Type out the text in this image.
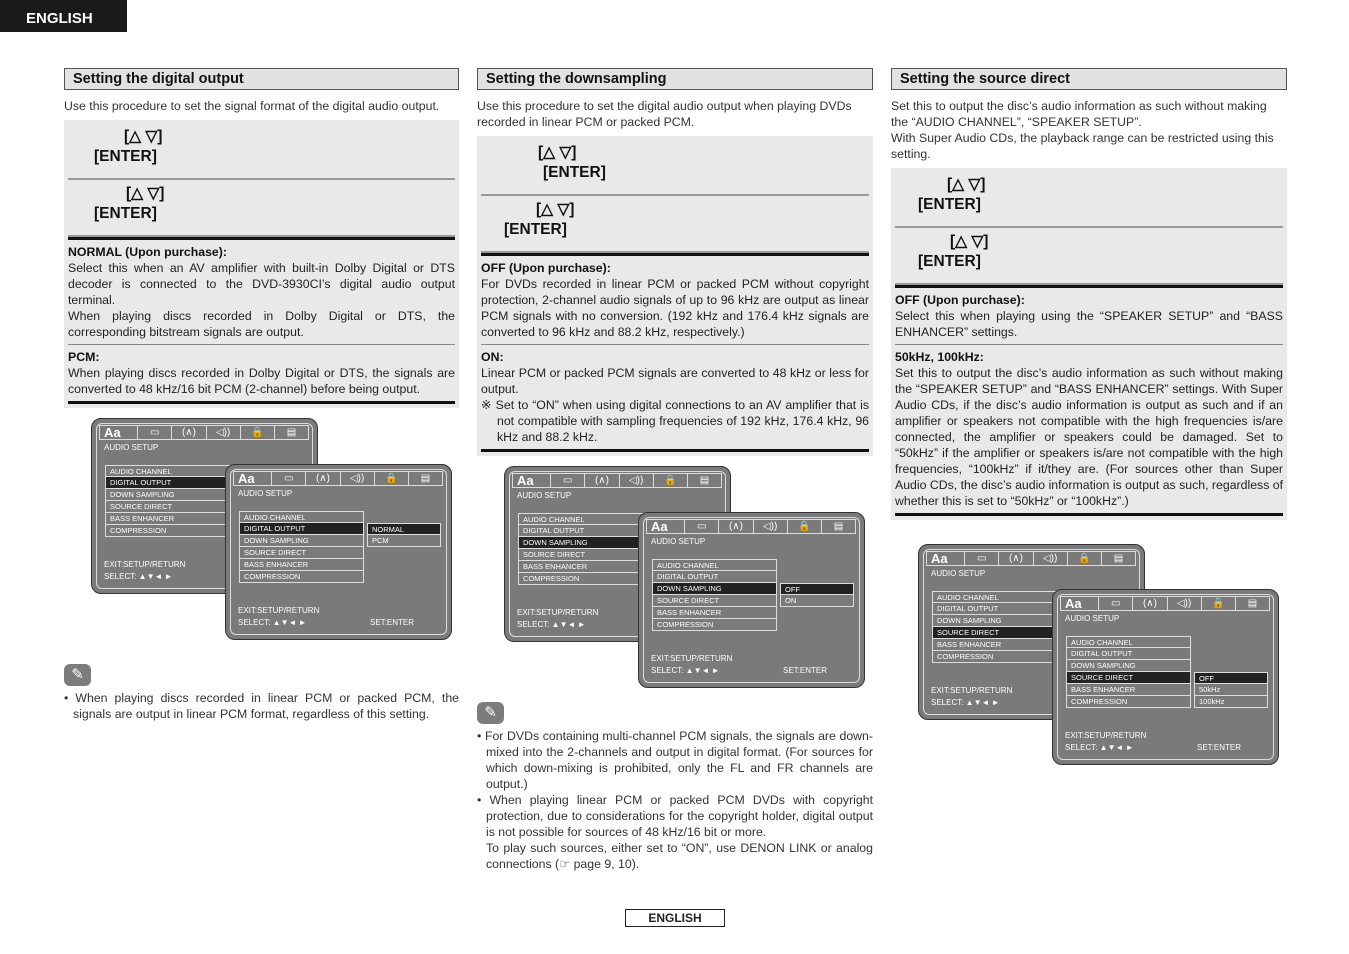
ENGLISH
Setting the digital output
Use this procedure to set the signal format of the digital audio output.
[△ ▽]
[ENTER]
[△ ▽]
[ENTER]
NORMAL (Upon purchase):
Select this when an AV amplifier with built-in Dolby Digital or DTS decoder is connected to the DVD-3930CI’s digital audio output terminal.
When playing discs recorded in Dolby Digital or DTS, the corresponding bitstream signals are output.
PCM:
When playing discs recorded in Dolby Digital or DTS, the signals are converted to 48 kHz/16 bit PCM (2-channel) before being output.
Aa	▭	(∧)	◁))	🔒	▤
AUDIO SETUP
AUDIO CHANNEL
DIGITAL OUTPUT
DOWN SAMPLING
SOURCE DIRECT
BASS ENHANCER
COMPRESSION
EXIT:SETUP/RETURN
SELECT: ▲▼◄ ►
Aa	▭	(∧)	◁))	🔒	▤
AUDIO SETUP
AUDIO CHANNEL
DIGITAL OUTPUT
DOWN SAMPLING
SOURCE DIRECT
BASS ENHANCER
COMPRESSION
NORMAL
PCM
EXIT:SETUP/RETURN
SELECT: ▲▼◄ ►	SET:ENTER
✎
• When playing discs recorded in linear PCM or packed PCM, the signals are output in linear PCM format, regardless of this setting.
Setting the downsampling
Use this procedure to set the digital audio output when playing DVDs recorded in linear PCM or packed PCM.
[△ ▽]
[ENTER]
[△ ▽]
[ENTER]
OFF (Upon purchase):
For DVDs recorded in linear PCM or packed PCM without copyright protection, 2-channel audio signals of up to 96 kHz are output as linear PCM signals with no conversion. (192 kHz and 176.4 kHz signals are converted to 96 kHz and 88.2 kHz, respectively.)
ON:
Linear PCM or packed PCM signals are converted to 48 kHz or less for output.
※ Set to “ON” when using digital connections to an AV amplifier that is not compatible with sampling frequencies of 192 kHz, 176.4 kHz, 96 kHz and 88.2 kHz.
Aa	▭	(∧)	◁))	🔒	▤
AUDIO SETUP
AUDIO CHANNEL
DIGITAL OUTPUT
DOWN SAMPLING
SOURCE DIRECT
BASS ENHANCER
COMPRESSION
EXIT:SETUP/RETURN
SELECT: ▲▼◄ ►
Aa	▭	(∧)	◁))	🔒	▤
AUDIO SETUP
AUDIO CHANNEL
DIGITAL OUTPUT
DOWN SAMPLING
SOURCE DIRECT
BASS ENHANCER
COMPRESSION
OFF
ON
EXIT:SETUP/RETURN
SELECT: ▲▼◄ ►	SET:ENTER
✎
• For DVDs containing multi-channel PCM signals, the signals are down-mixed into the 2-channels and output in digital format. (For sources for which down-mixing is prohibited, only the FL and FR channels are output.)
• When playing linear PCM or packed PCM DVDs with copyright protection, due to considerations for the copyright holder, digital output is not possible for sources of 48 kHz/16 bit or more.
To play such sources, either set to “ON”, use DENON LINK or analog connections (☞ page 9, 10).
Setting the source direct
Set this to output the disc’s audio information as such without making the “AUDIO CHANNEL”, “SPEAKER SETUP”.
With Super Audio CDs, the playback range can be restricted using this setting.
[△ ▽]
[ENTER]
[△ ▽]
[ENTER]
OFF (Upon purchase):
Select this when playing using the “SPEAKER SETUP” and “BASS ENHANCER” settings.
50kHz, 100kHz:
Set this to output the disc’s audio information as such without making the “SPEAKER SETUP” and “BASS ENHANCER” settings. With Super Audio CDs, if the disc’s audio information is output as such and if an amplifier or speakers not compatible with the high frequencies is/are connected, the amplifier or speakers could be damaged. Set to “50kHz” if the amplifier or speakers is/are not compatible with the high frequencies, “100kHz” if it/they are. (For sources other than Super Audio CDs, the disc’s audio information is output as such, regardless of whether this is set to “50kHz” or “100kHz”.)
Aa	▭	(∧)	◁))	🔒	▤
AUDIO SETUP
AUDIO CHANNEL
DIGITAL OUTPUT
DOWN SAMPLING
SOURCE DIRECT
BASS ENHANCER
COMPRESSION
EXIT:SETUP/RETURN
SELECT: ▲▼◄ ►
Aa	▭	(∧)	◁))	🔒	▤
AUDIO SETUP
AUDIO CHANNEL
DIGITAL OUTPUT
DOWN SAMPLING
SOURCE DIRECT
BASS ENHANCER
COMPRESSION
OFF
50kHz
100kHz
EXIT:SETUP/RETURN
SELECT: ▲▼◄ ►	SET:ENTER
ENGLISH
